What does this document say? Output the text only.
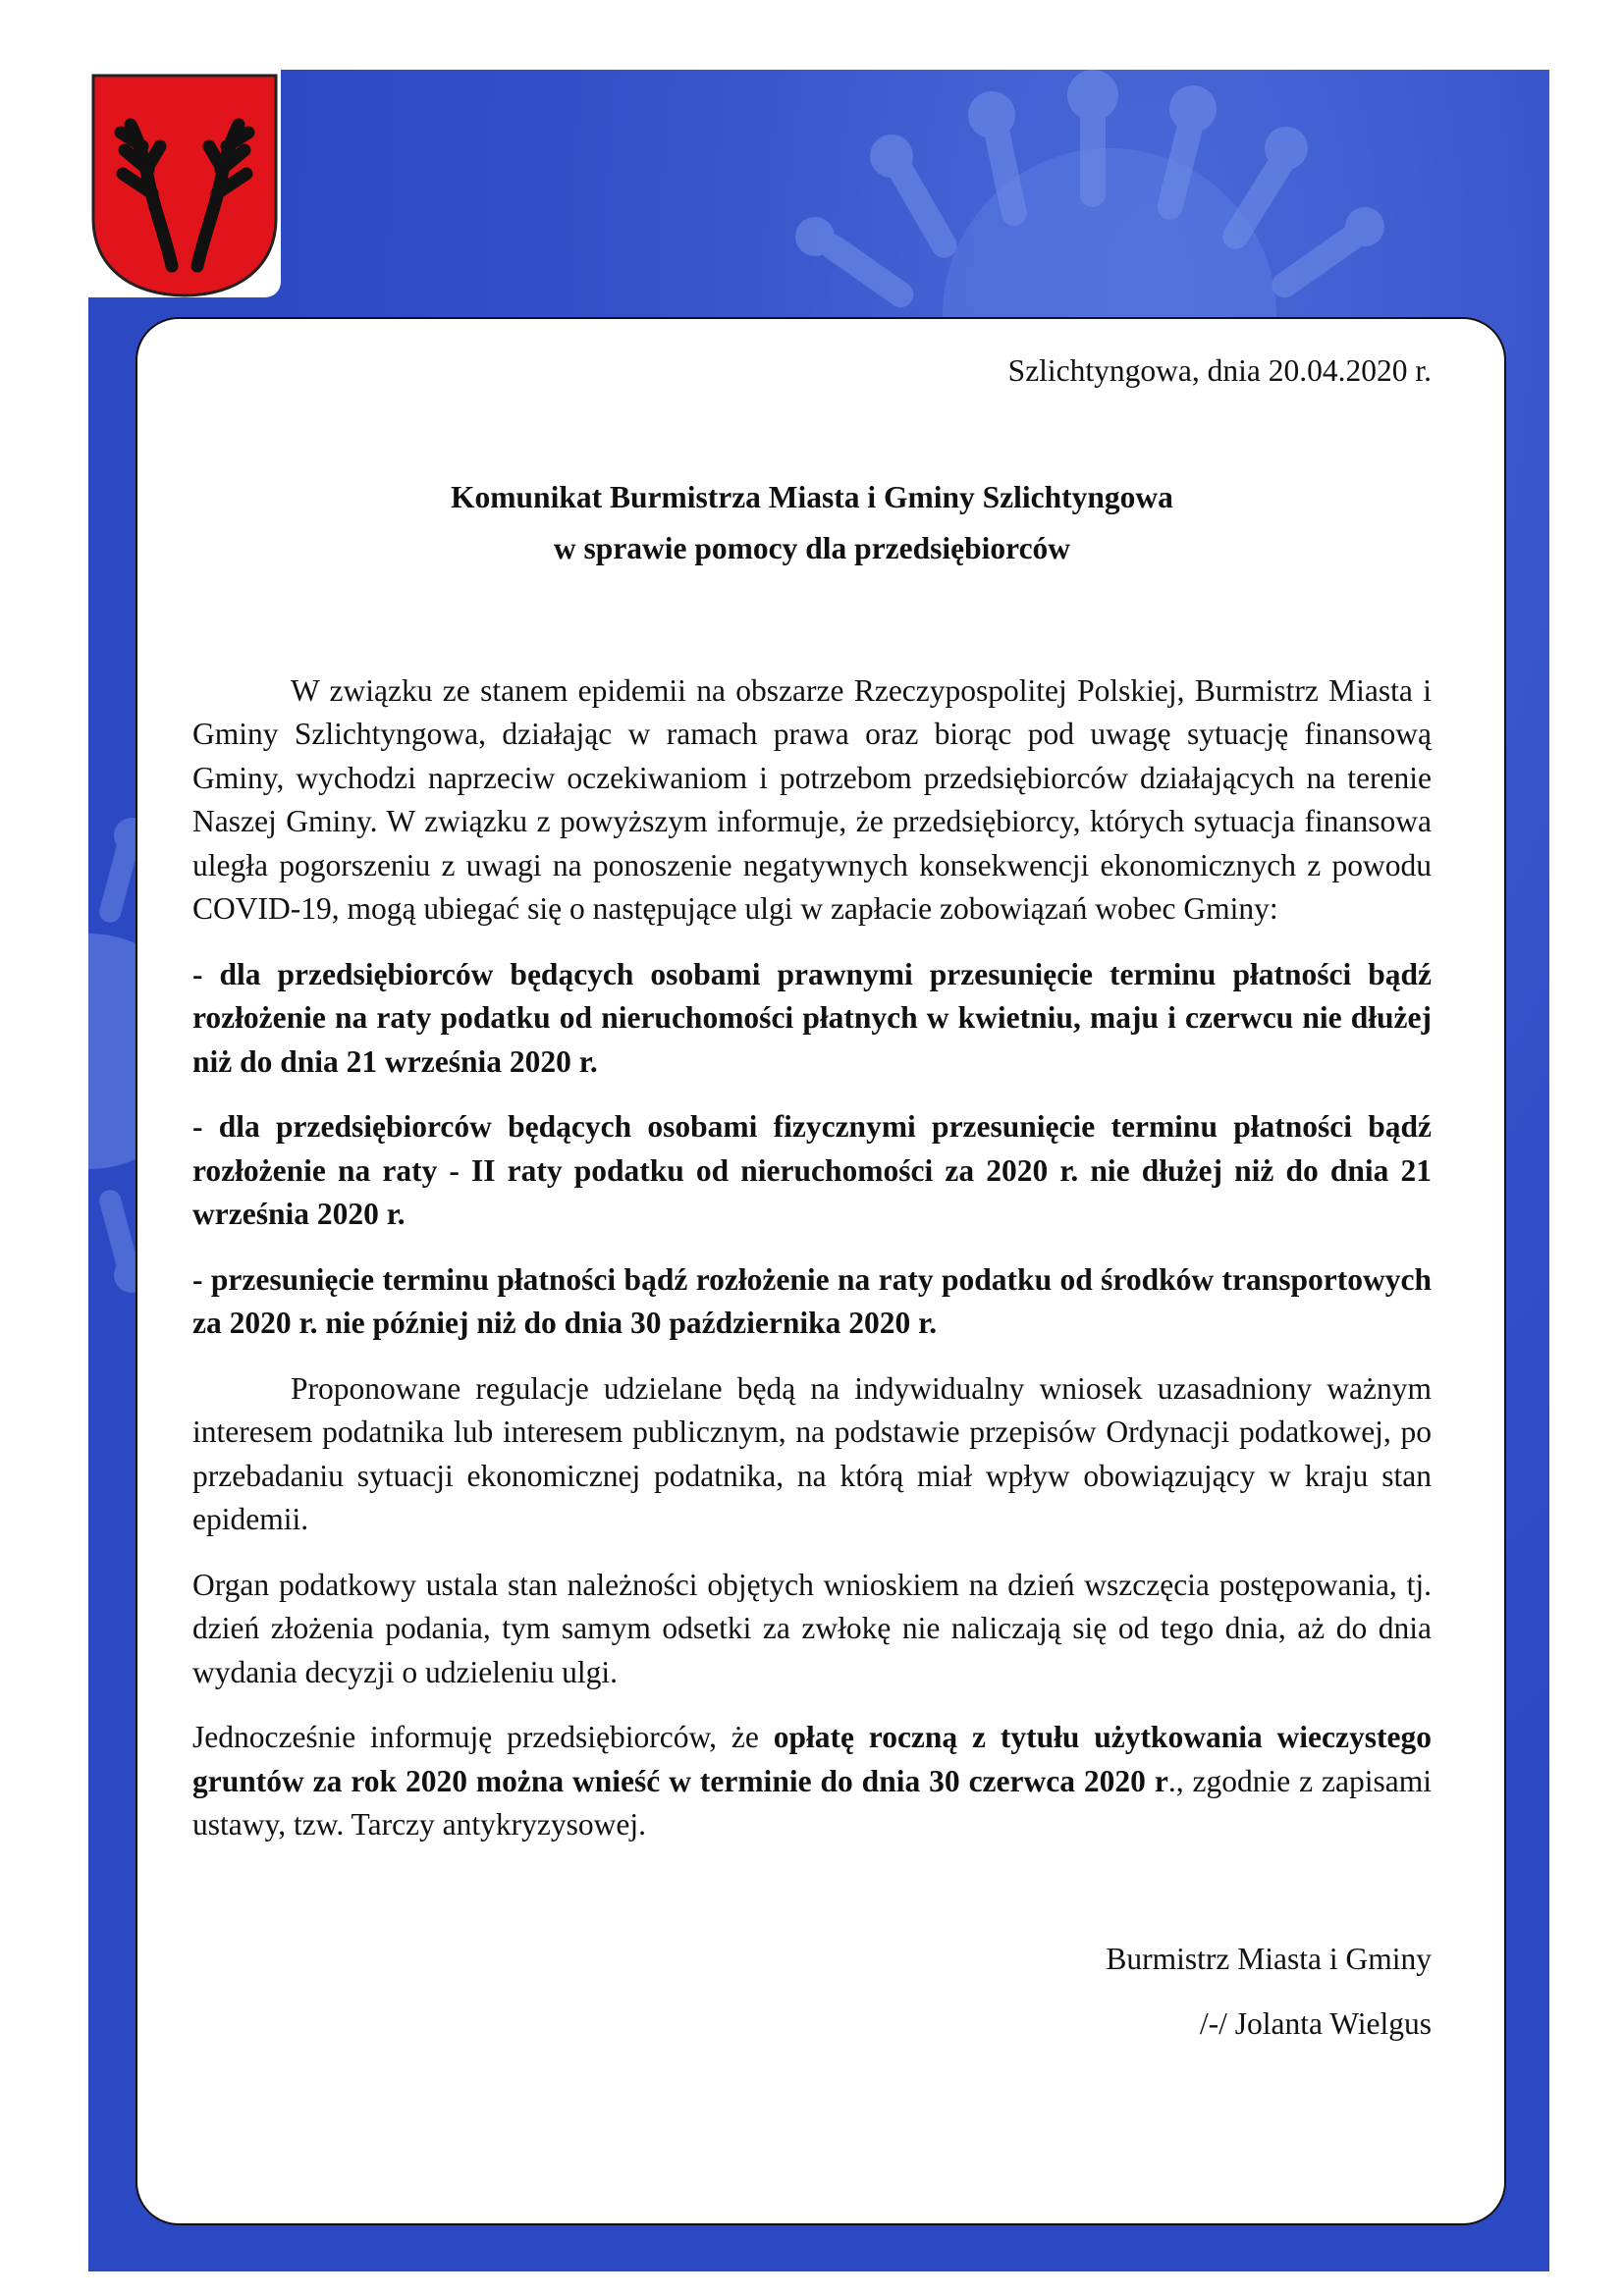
Szlichtyngowa, dnia 20.04.2020 r.

Komunikat Burmistrza Miasta i Gminy Szlichtyngowa

w sprawie pomocy dla przedsiębiorców

W związku ze stanem epidemii na obszarze Rzeczypospolitej Polskiej, Burmistrz Miasta i Gminy Szlichtyngowa, działając w ramach prawa oraz biorąc pod uwagę sytuację finansową Gminy, wychodzi naprzeciw oczekiwaniom i potrzebom przedsiębiorców działających na terenie Naszej Gminy. W związku z powyższym informuje, że przedsiębiorcy, których sytuacja finansowa uległa pogorszeniu z uwagi na ponoszenie negatywnych konsekwencji ekonomicznych z powodu COVID-19, mogą ubiegać się o następujące ulgi w zapłacie zobowiązań wobec Gminy:

- dla przedsiębiorców będących osobami prawnymi przesunięcie terminu płatności bądź rozłożenie na raty podatku od nieruchomości płatnych w kwietniu, maju i czerwcu nie dłużej niż do dnia 21 września 2020 r.

- dla przedsiębiorców będących osobami fizycznymi przesunięcie terminu płatności bądź rozłożenie na raty - II raty podatku od nieruchomości za 2020 r. nie dłużej niż do dnia 21 września 2020 r.

- przesunięcie terminu płatności bądź rozłożenie na raty podatku od środków transportowych za 2020 r. nie później niż do dnia 30 października 2020 r.

Proponowane regulacje udzielane będą na indywidualny wniosek uzasadniony ważnym interesem podatnika lub interesem publicznym, na podstawie przepisów Ordynacji podatkowej, po przebadaniu sytuacji ekonomicznej podatnika, na którą miał wpływ obowiązujący w kraju stan epidemii.

Organ podatkowy ustala stan należności objętych wnioskiem na dzień wszczęcia postępowania, tj. dzień złożenia podania, tym samym odsetki za zwłokę nie naliczają się od tego dnia, aż do dnia wydania decyzji o udzieleniu ulgi.

Jednocześnie informuję przedsiębiorców, że opłatę roczną z tytułu użytkowania wieczystego gruntów za rok 2020 można wnieść w terminie do dnia 30 czerwca 2020 r., zgodnie z zapisami ustawy, tzw. Tarczy antykryzysowej.

Burmistrz Miasta i Gminy

/-/ Jolanta Wielgus
